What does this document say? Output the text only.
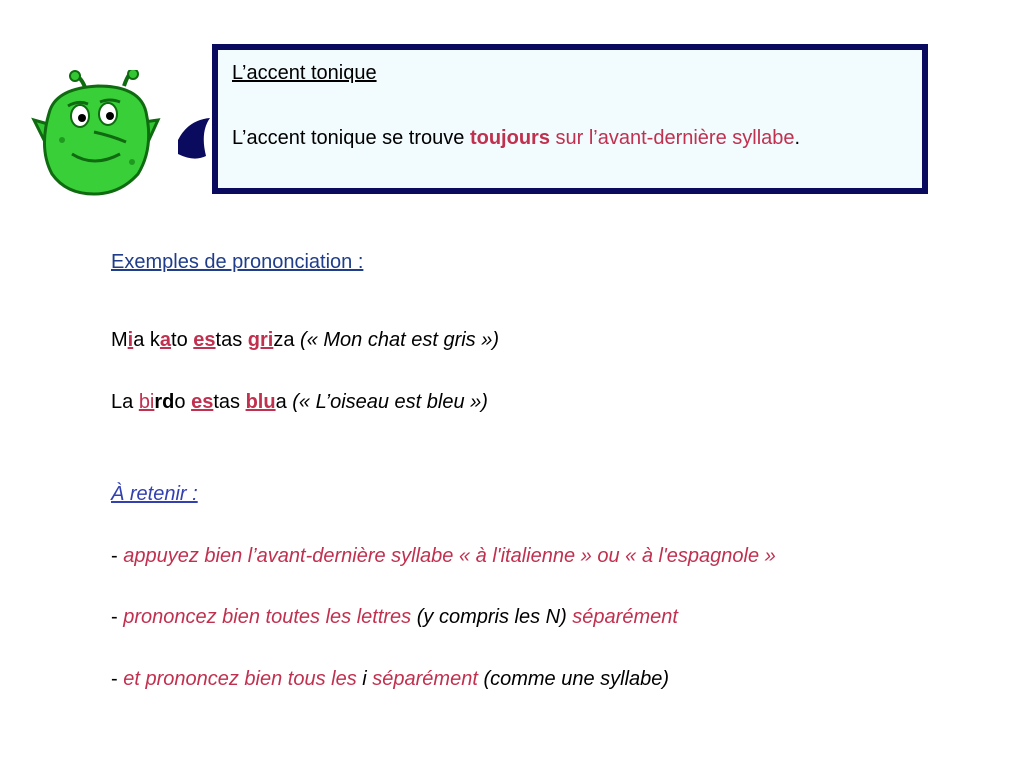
L’accent tonique
L’accent tonique se trouve toujours sur l’avant-dernière syllabe.
Exemples de prononciation :
Mia kato estas griza (« Mon chat est gris »)
La birdo estas blua (« L’oiseau est bleu »)
À retenir :
- appuyez bien l’avant-dernière syllabe « à l'italienne » ou « à l'espagnole »
- prononcez bien toutes les lettres (y compris les N) séparément
- et prononcez bien tous les i séparément (comme une syllabe)
